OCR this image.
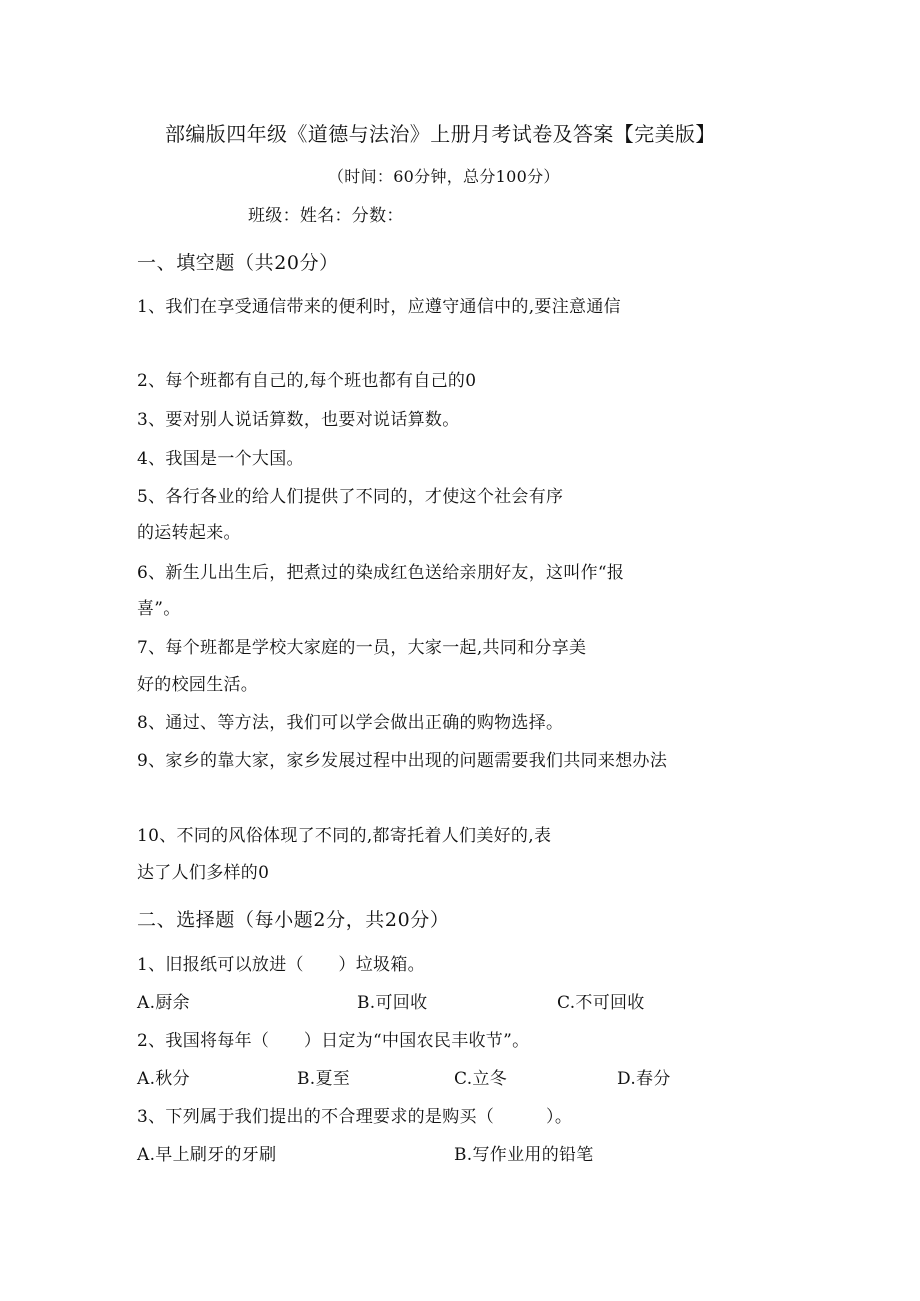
部编版四年级《道德与法治》上册月考试卷及答案【完美版】
（时间：60分钟，总分100分）
班级：姓名：分数：
一、填空题（共20分）
1、我们在享受通信带来的便利时，应遵守通信中的,要注意通信
2、每个班都有自己的,每个班也都有自己的0
3、要对别人说话算数，也要对说话算数。
4、我国是一个大国。
5、各行各业的给人们提供了不同的，才使这个社会有序
的运转起来。
6、新生儿出生后，把煮过的染成红色送给亲朋好友，这叫作“报
喜”。
7、每个班都是学校大家庭的一员，大家一起,共同和分享美
好的校园生活。
8、通过、等方法，我们可以学会做出正确的购物选择。
9、家乡的靠大家，家乡发展过程中出现的问题需要我们共同来想办法
10、不同的风俗体现了不同的,都寄托着人们美好的,表
达了人们多样的0
二、选择题（每小题2分，共20分）
1、旧报纸可以放进（　　）垃圾箱。
A.厨余	B.可回收	C.不可回收
2、我国将每年（　　）日定为“中国农民丰收节”。
A.秋分	B.夏至	C.立冬	D.春分
3、下列属于我们提出的不合理要求的是购买（　　　）。
A.早上刷牙的牙刷	B.写作业用的铅笔
